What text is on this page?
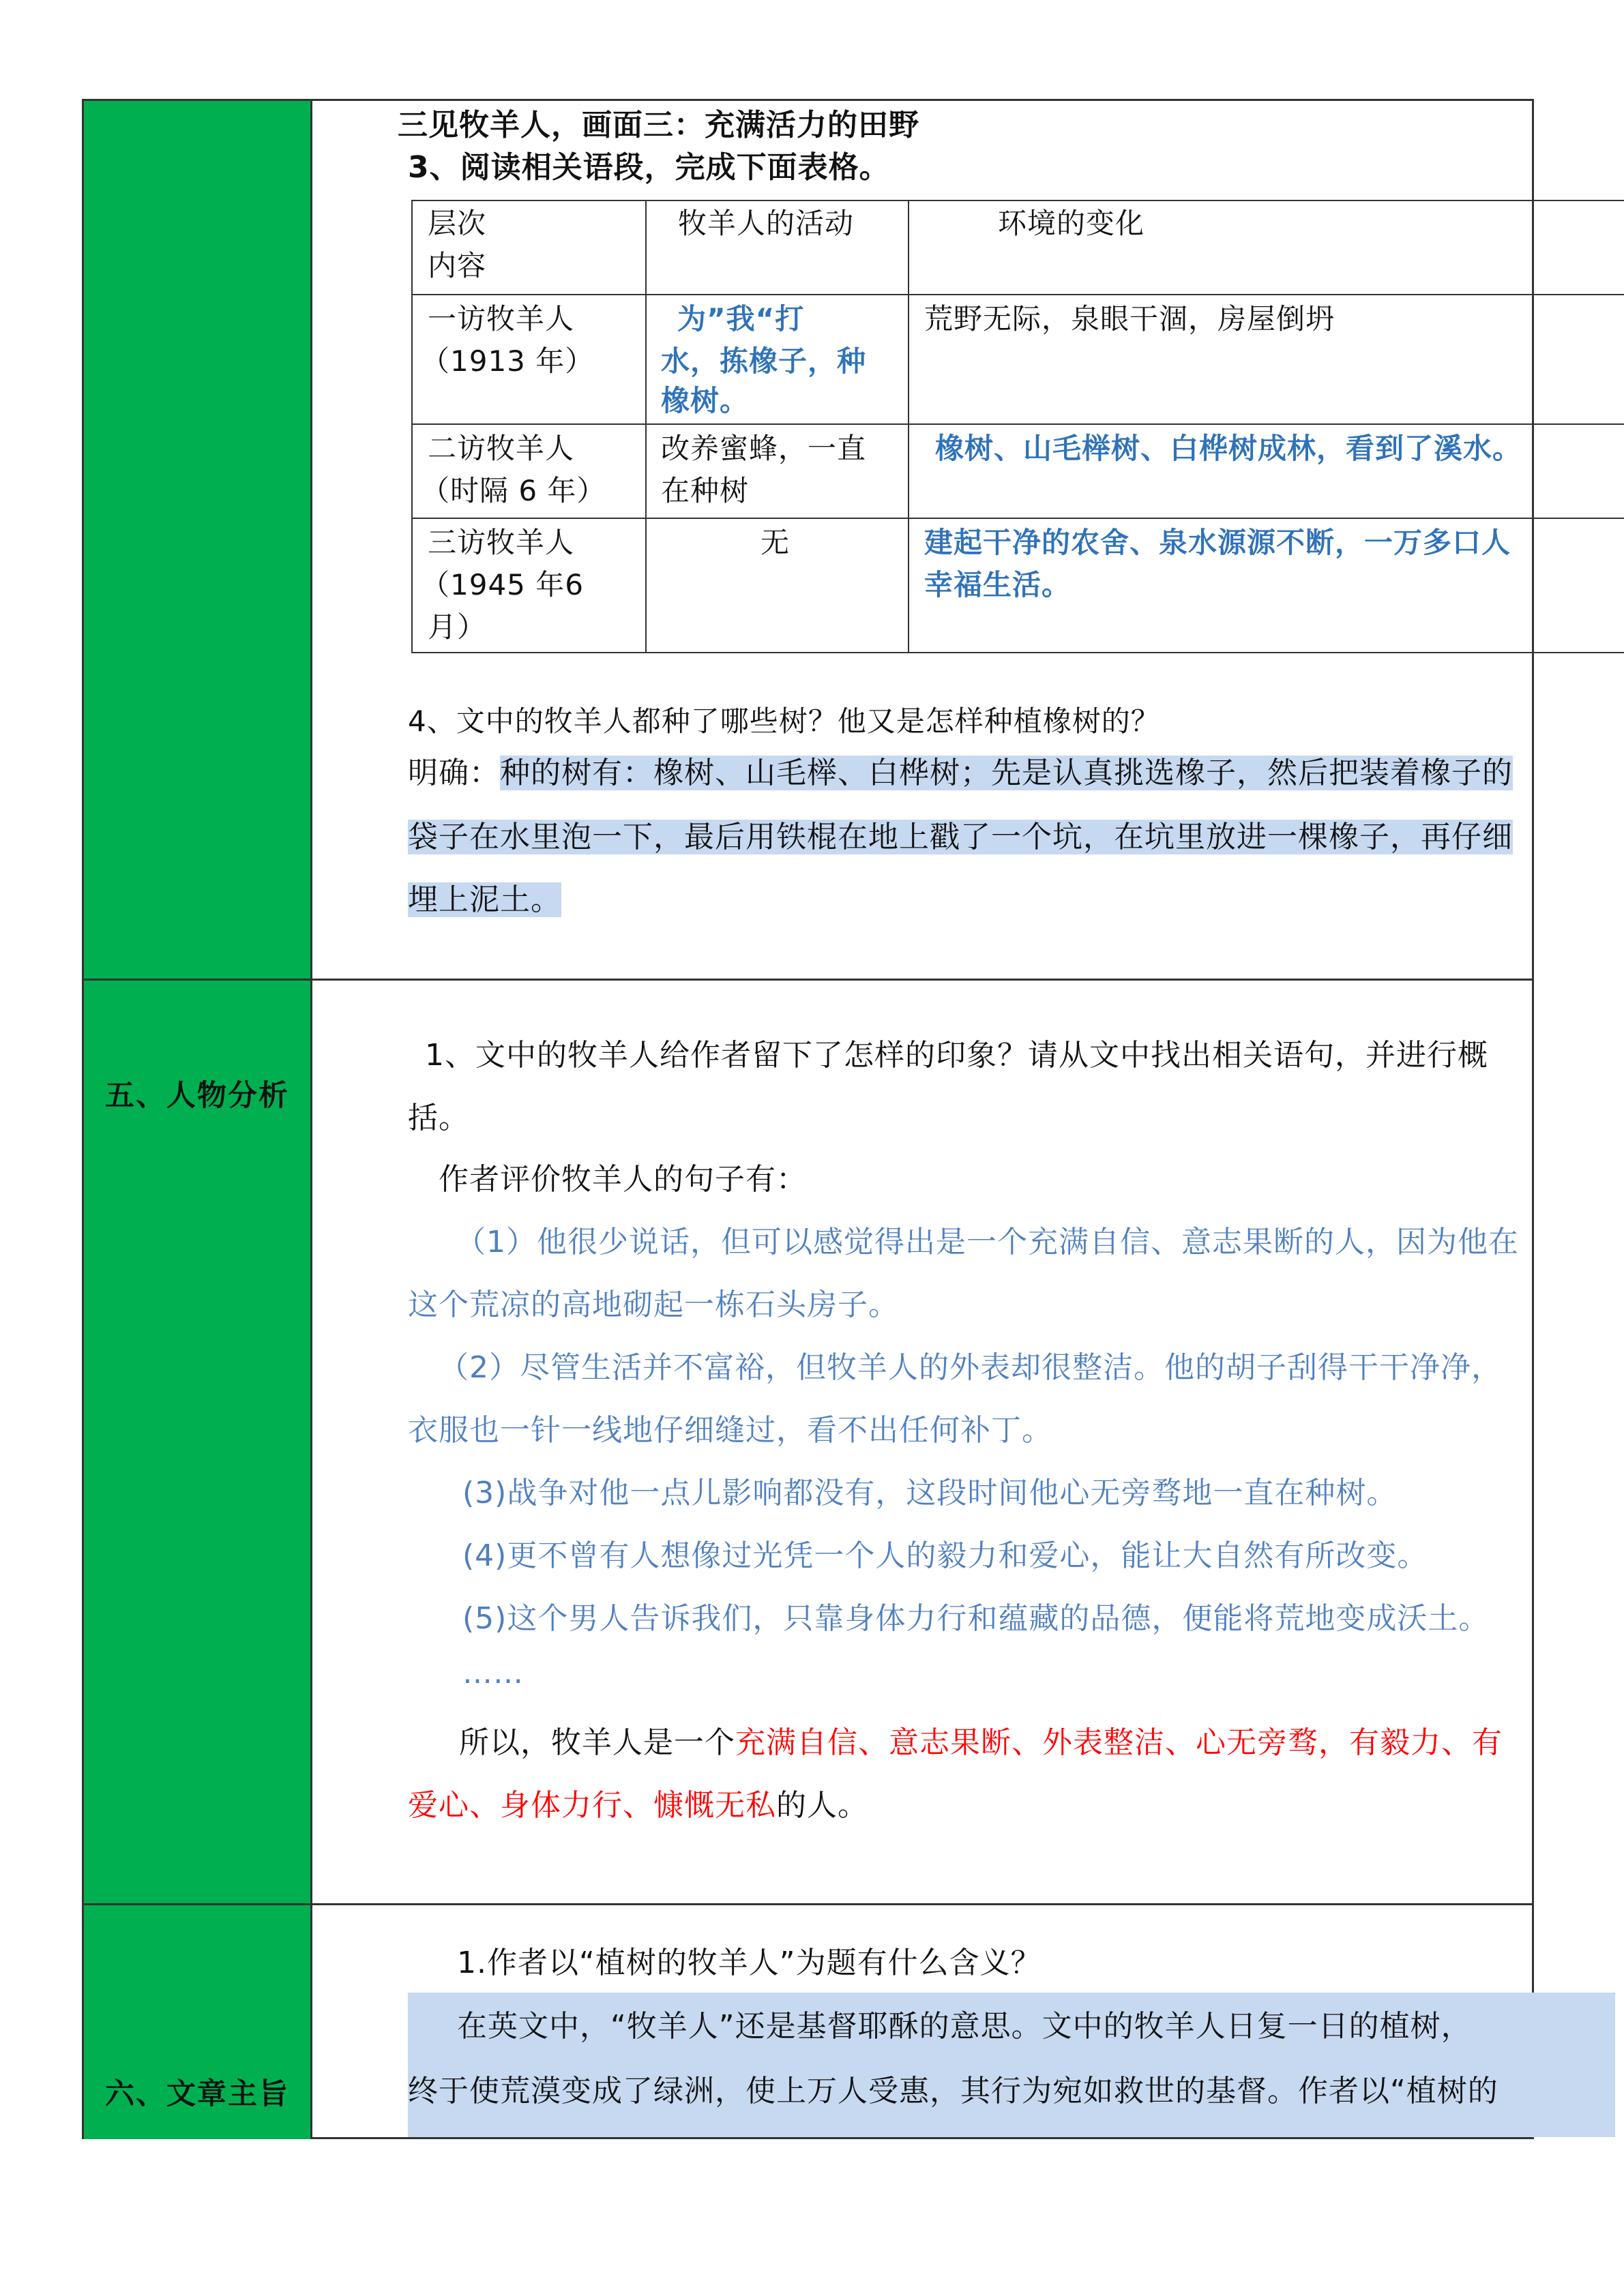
三见牧羊人，画面三：充满活力的田野
3、阅读相关语段，完成下面表格。
层次
内容
牧羊人的活动	环境的变化
一访牧羊人
（1913 年）
为”我“打
水，拣橡子，种
橡树。
荒野无际，泉眼干涸，房屋倒坍
二访牧羊人
（时隔 6 年）
改养蜜蜂，一直
在种树
橡树、山毛榉树、白桦树成林，看到了溪水。
三访牧羊人
（1945 年6
月）
无	建起干净的农舍、泉水源源不断，一万多口人
幸福生活。
4、文中的牧羊人都种了哪些树？他又是怎样种植橡树的？
明确：种的树有：橡树、山毛榉、白桦树；先是认真挑选橡子，然后把装着橡子的
袋子在水里泡一下，最后用铁棍在地上戳了一个坑，在坑里放进一棵橡子，再仔细
埋上泥土。
五、人物分析
1、文中的牧羊人给作者留下了怎样的印象？请从文中找出相关语句，并进行概
括。
作者评价牧羊人的句子有：
（1）他很少说话，但可以感觉得出是一个充满自信、意志果断的人，因为他在
这个荒凉的高地砌起一栋石头房子。
（2）尽管生活并不富裕，但牧羊人的外表却很整洁。他的胡子刮得干干净净，
衣服也一针一线地仔细缝过，看不出任何补丁。
(3)战争对他一点儿影响都没有，这段时间他心无旁骛地一直在种树。
(4)更不曾有人想像过光凭一个人的毅力和爱心，能让大自然有所改变。
(5)这个男人告诉我们，只靠身体力行和蕴藏的品德，便能将荒地变成沃土。
……
所以，牧羊人是一个充满自信、意志果断、外表整洁、心无旁骛，有毅力、有
爱心、身体力行、慷慨无私的人。
六、文章主旨
1.作者以“植树的牧羊人”为题有什么含义？
在英文中，“牧羊人”还是基督耶酥的意思。文中的牧羊人日复一日的植树，
终于使荒漠变成了绿洲，使上万人受惠，其行为宛如救世的基督。作者以“植树的
